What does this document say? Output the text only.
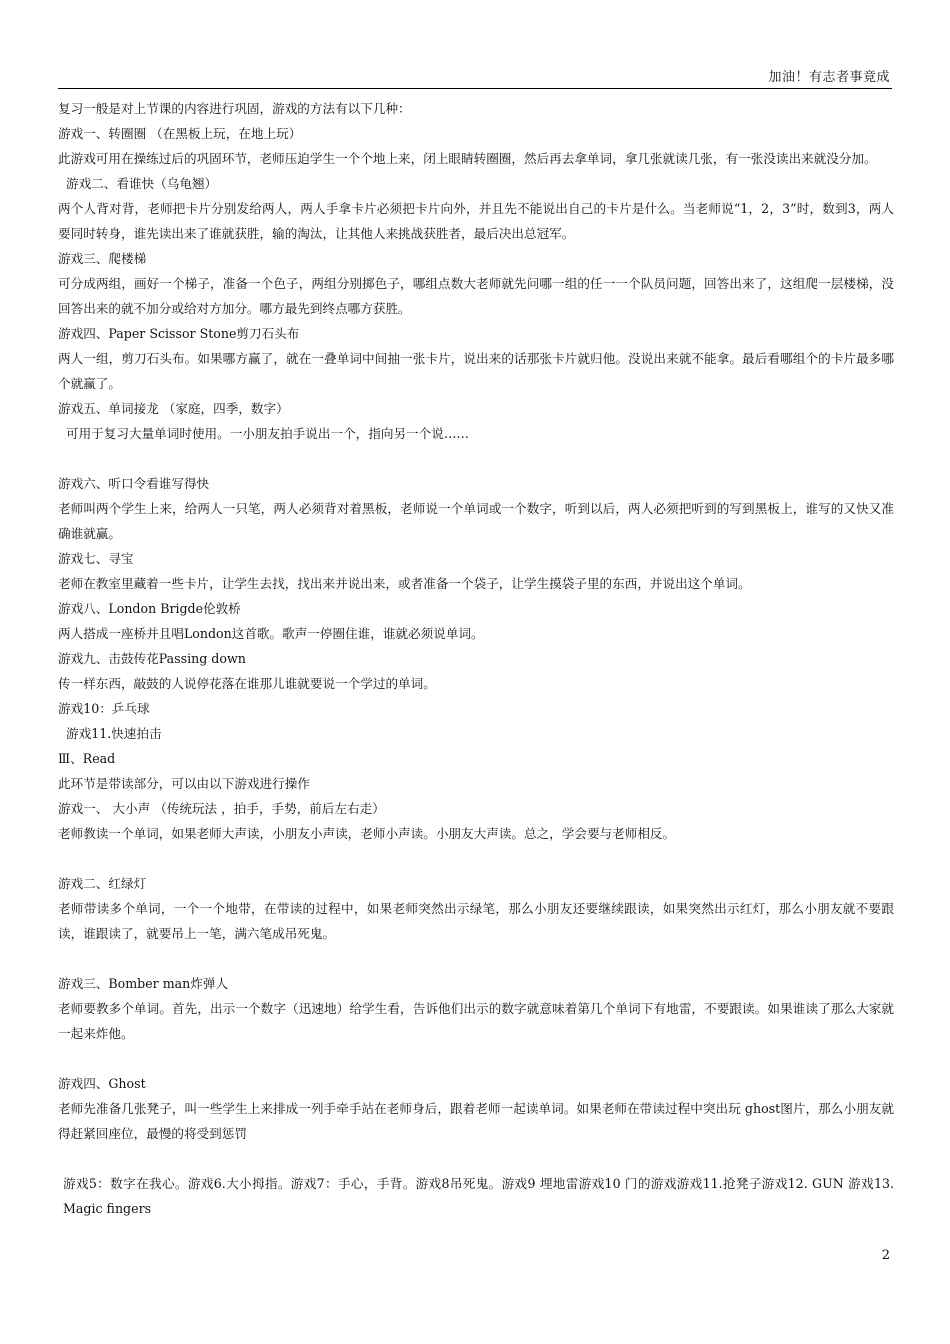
加油！有志者事竟成
复习一般是对上节课的内容进行巩固，游戏的方法有以下几种：
游戏一、转圈圈 （在黑板上玩，在地上玩）
此游戏可用在操练过后的巩固环节，老师压迫学生一个个地上来，闭上眼睛转圈圈，然后再去拿单词，拿几张就读几张，有一张没读出来就没分加。
游戏二、看谁快（乌龟翘）
两个人背对背，老师把卡片分别发给两人，两人手拿卡片必须把卡片向外，并且先不能说出自己的卡片是什么。当老师说“1，2，3”时，数到3，两人要同时转身，谁先读出来了谁就获胜，输的淘汰，让其他人来挑战获胜者，最后决出总冠军。
游戏三、爬楼梯
可分成两组，画好一个梯子，准备一个色子，两组分别掷色子，哪组点数大老师就先问哪一组的任一一个队员问题，回答出来了，这组爬一层楼梯，没回答出来的就不加分或给对方加分。哪方最先到终点哪方获胜。
游戏四、Paper Scissor Stone剪刀石头布
两人一组，剪刀石头布。如果哪方赢了，就在一叠单词中间抽一张卡片，说出来的话那张卡片就归他。没说出来就不能拿。最后看哪组个的卡片最多哪个就赢了。
游戏五、单词接龙 （家庭，四季，数字）
可用于复习大量单词时使用。一小朋友拍手说出一个，指向另一个说……
游戏六、听口令看谁写得快
老师叫两个学生上来，给两人一只笔，两人必须背对着黑板，老师说一个单词或一个数字，听到以后，两人必须把听到的写到黑板上，谁写的又快又准确谁就赢。
游戏七、寻宝
老师在教室里藏着一些卡片，让学生去找，找出来并说出来，或者准备一个袋子，让学生摸袋子里的东西，并说出这个单词。
游戏八、London Brigde伦敦桥
两人搭成一座桥并且唱London这首歌。歌声一停圈住谁，谁就必须说单词。
游戏九、击鼓传花Passing down
传一样东西，敲鼓的人说停花落在谁那儿谁就要说一个学过的单词。
游戏10：乒乓球
游戏11.快速拍击
Ⅲ、Read
此环节是带读部分，可以由以下游戏进行操作
游戏一、 大小声 （传统玩法 ，拍手，手势，前后左右走）
老师教读一个单词，如果老师大声读，小朋友小声读，老师小声读。小朋友大声读。总之，学会要与老师相反。
游戏二、红绿灯
老师带读多个单词，一个一个地带，在带读的过程中，如果老师突然出示绿笔，那么小朋友还要继续跟读，如果突然出示红灯，那么小朋友就不要跟读，谁跟读了，就要吊上一笔，满六笔成吊死鬼。
游戏三、Bomber man炸弹人
老师要教多个单词。首先，出示一个数字（迅速地）给学生看，告诉他们出示的数字就意味着第几个单词下有地雷，不要跟读。如果谁读了那么大家就一起来炸他。
游戏四、Ghost
老师先准备几张凳子，叫一些学生上来排成一列手牵手站在老师身后，跟着老师一起读单词。如果老师在带读过程中突出玩 ghost图片，那么小朋友就得赶紧回座位，最慢的将受到惩罚
游戏5：数字在我心。游戏6.大小拇指。游戏7：手心，手背。游戏8吊死鬼。游戏9 埋地雷游戏10 门的游戏游戏11.抢凳子游戏12. GUN 游戏13. Magic fingers
2
